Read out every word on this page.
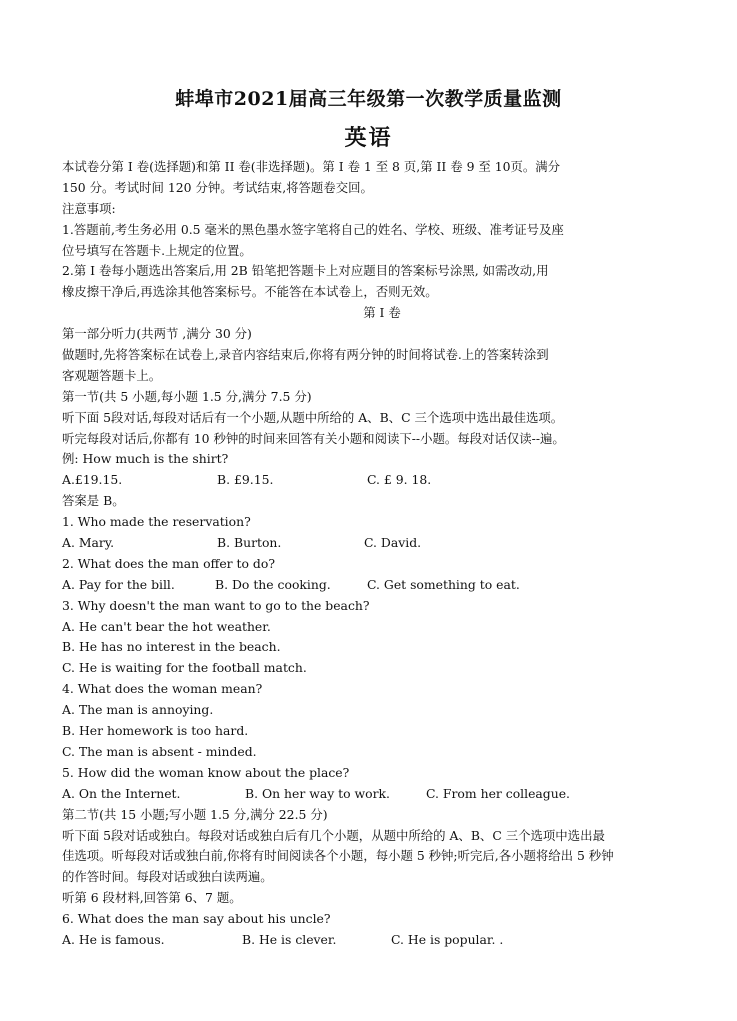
蚌埠市2021届高三年级第一次教学质量监测
英语
本试卷分第 I 卷(选择题)和第 II 卷(非选择题)。第 I 卷 1 至 8 页,第 II 卷 9 至 10页。满分
150 分。考试时间 120 分钟。考试结束,将答题卷交回。
注意事项:
1.答题前,考生务必用 0.5 毫米的黑色墨水签字笔将自己的姓名、学校、班级、准考证号及座
位号填写在答题卡.上规定的位置。
2.第 I 卷每小题选出答案后,用 2B 铅笔把答题卡上对应题目的答案标号涂黑, 如需改动,用
橡皮擦干净后,再选涂其他答案标号。不能答在本试卷上，否则无效。
第 I 卷
第一部分听力(共两节 ,满分 30 分)
做题时,先将答案标在试卷上,录音内容结束后,你将有两分钟的时间将试卷.上的答案转涂到
客观题答题卡上。
第一节(共 5 小题,每小题 1.5 分,满分 7.5 分)
听下面 5段对话,每段对话后有一个小题,从题中所给的 A、B、C 三个选项中选出最佳选项。
听完每段对话后,你都有 10 秒钟的时间来回答有关小题和阅读下--小题。每段对话仅读--遍。
例: How much is the shirt?
A.£19.15.	B. £9.15.	C. £ 9. 18.
答案是 B。
1. Who made the reservation?
A. Mary.	B. Burton.	C. David.
2. What does the man offer to do?
A. Pay for the bill.	B. Do the cooking.	C. Get something to eat.
3. Why doesn't the man want to go to the beach?
A. He can't bear the hot weather.
B. He has no interest in the beach.
C. He is waiting for the football match.
4. What does the woman mean?
A. The man is annoying.
B. Her homework is too hard.
C. The man is absent - minded.
5. How did the woman know about the place?
A. On the Internet.	B. On her way to work.	C. From her colleague.
第二节(共 15 小题;写小题 1.5 分,满分 22.5 分)
听下面 5段对话或独白。每段对话或独白后有几个小题，从题中所给的 A、B、C 三个选项中选出最
佳选项。听每段对话或独白前,你将有时间阅读各个小题，每小题 5 秒钟;听完后,各小题将给出 5 秒钟
的作答时间。每段对话或独白读两遍。
听第 6 段材料,回答第 6、7 题。
6. What does the man say about his uncle?
A. He is famous.	B. He is clever.	C. He is popular. .
